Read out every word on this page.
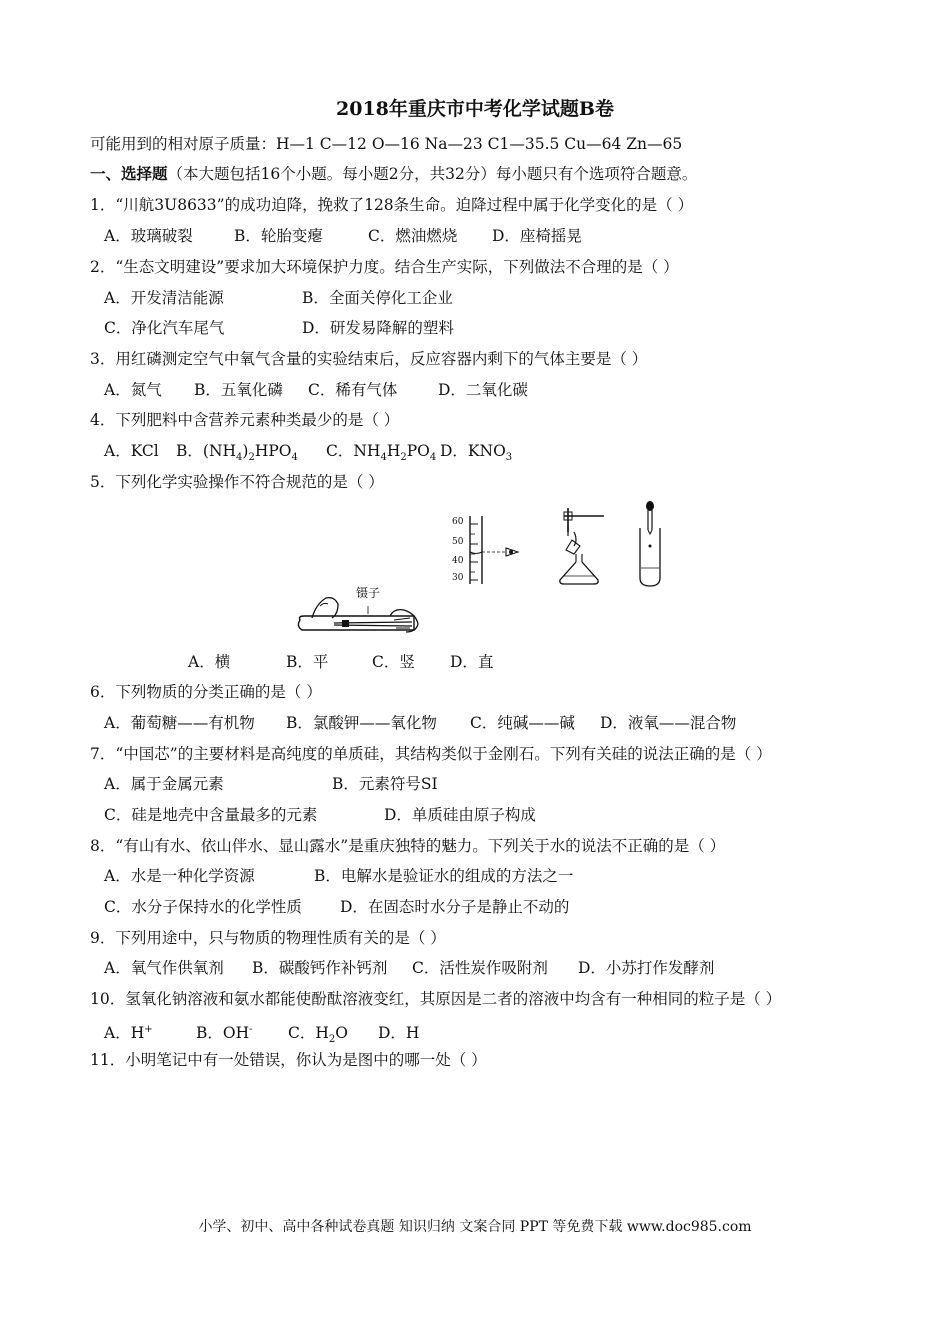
2018年重庆市中考化学试题B卷
可能用到的相对原子质量：H—1 C—12 O—16 Na—23 C1—35.5 Cu—64 Zn—65
一、选择题（本大题包括16个小题。每小题2分，共32分）每小题只有个选项符合题意。
1．“川航3U8633”的成功迫降，挽救了128条生命。迫降过程中属于化学变化的是（ ）
A．玻璃破裂	B．轮胎变瘪	C．燃油燃烧 D．座椅摇晃
2．“生态文明建设”要求加大环境保护力度。结合生产实际，下列做法不合理的是（ ）
A．开发清洁能源	B．全面关停化工企业
C．净化汽车尾气	D．研发易降解的塑料
3．用红磷测定空气中氧气含量的实验结束后，反应容器内剩下的气体主要是（ ）
A．氮气 B．五氧化磷 C．稀有气体	D．二氧化碳
4．下列肥料中含营养元素种类最少的是（ ）
A．KCl B．$(NH_4)_2HPO_4$ C．$NH_4H_2PO_4$ D．$KNO_3$
5．下列化学实验操作不符合规范的是（ ）
镊子
60
50
40
30
A．横	B．平	C．竖 D．直
6．下列物质的分类正确的是（ ）
A．葡萄糖——有机物 B．氯酸钾——氧化物 C．纯碱——碱 D．液氧——混合物
7．“中国芯”的主要材料是高纯度的单质硅，其结构类似于金刚石。下列有关硅的说法正确的是（ ）
A．属于金属元素	B．元素符号SI
C．硅是地壳中含量最多的元素	D．单质硅由原子构成
8．“有山有水、依山伴水、显山露水”是重庆独特的魅力。下列关于水的说法不正确的是（ ）
A．水是一种化学资源	B．电解水是验证水的组成的方法之一
C．水分子保持水的化学性质 D．在固态时水分子是静止不动的
9．下列用途中，只与物质的物理性质有关的是（ ）
A．氧气作供氧剂 B．碳酸钙作补钙剂 C．活性炭作吸附剂 D．小苏打作发酵剂
10．氢氧化钠溶液和氨水都能使酚酞溶液变红，其原因是二者的溶液中均含有一种相同的粒子是（ ）
A．H+	B．OH- C．$H_2O$ D．H
11．小明笔记中有一处错误，你认为是图中的哪一处（ ）
小学、初中、高中各种试卷真题 知识归纳 文案合同 PPT 等免费下载 www.doc985.com
